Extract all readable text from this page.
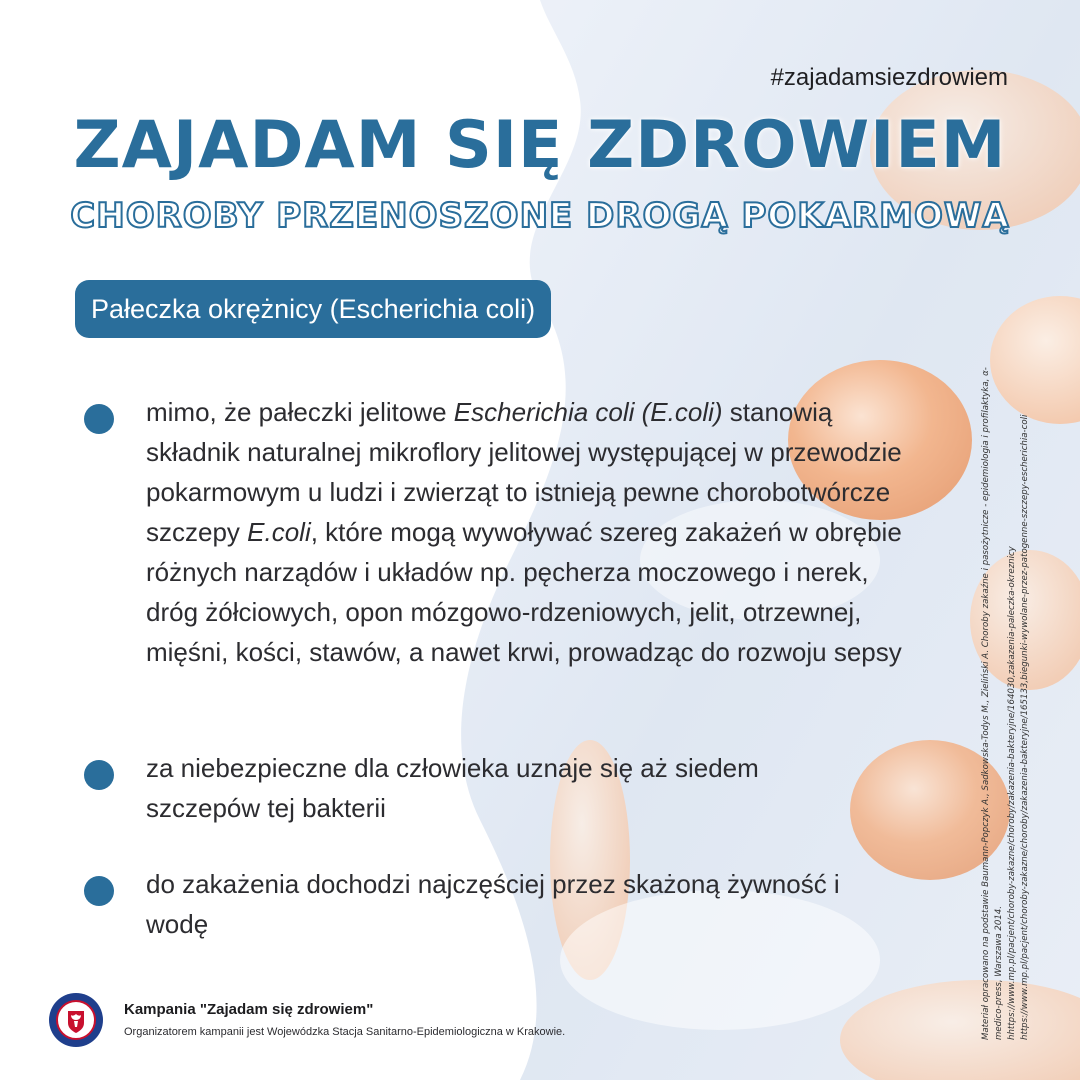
#zajadamsiezdrowiem
ZAJADAM SIĘ ZDROWIEM
CHOROBY PRZENOSZONE DROGĄ POKARMOWĄ
Pałeczka okrężnicy (Escherichia coli)
mimo, że pałeczki jelitowe Escherichia coli (E.coli) stanowią składnik naturalnej mikroflory jelitowej występującej w przewodzie pokarmowym u ludzi i zwierząt to istnieją pewne chorobotwórcze szczepy E.coli, które mogą wywoływać szereg zakażeń w obrębie różnych narządów i układów np. pęcherza moczowego i nerek, dróg żółciowych, opon mózgowo-rdzeniowych, jelit, otrzewnej, mięśni, kości, stawów, a nawet krwi, prowadząc do rozwoju sepsy
za niebezpieczne dla człowieka uznaje się aż siedem szczepów tej bakterii
do zakażenia dochodzi najczęściej przez skażoną żywność i wodę
Kampania "Zajadam się zdrowiem"
Organizatorem kampanii jest Wojewódzka Stacja Sanitarno-Epidemiologiczna w Krakowie.	Materiał opracowano na podstawie Baumann-Popczyk A., Sadkowska-Todys M., Zieliński A. Choroby zakaźne i pasożytnicze - epidemiologia i profilaktyka, α- medico-press, Warszawa 2014. hhttps://www.mp.pl/pacjent/choroby-zakazne/choroby/zakazenia-bakteryjne/164030,zakazenia-paleczka-okreznicy https://www.mp.pl/pacjent/choroby-zakazne/choroby/zakazenia-bakteryjne/165133,biegunki-wywolane-przez-patogenne-szczepy-escherichia-coli
